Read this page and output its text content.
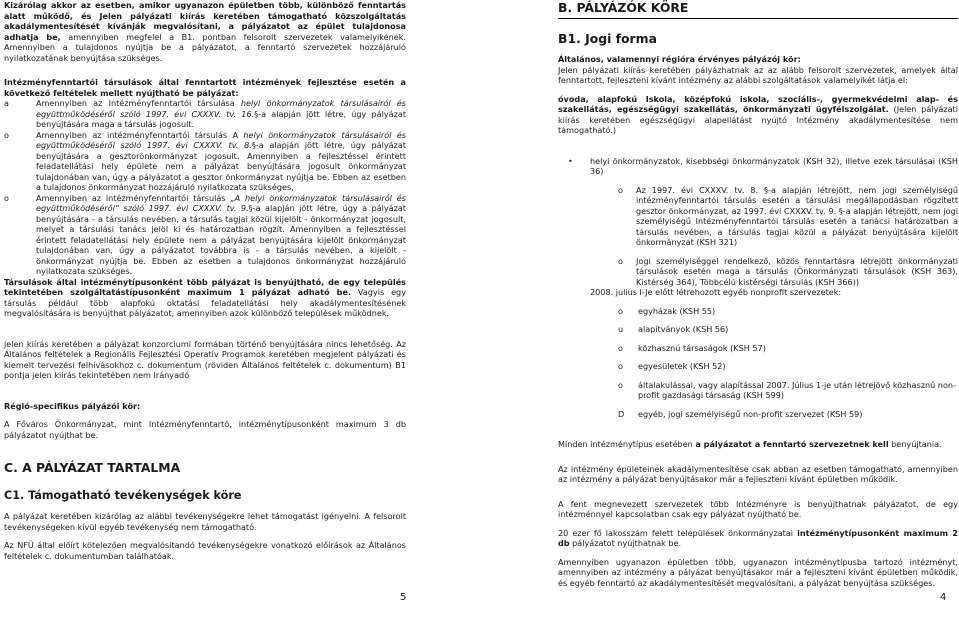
Kizárólag akkor az esetben, amikor ugyanazon épületben több, különböző fenntartás alatt működő, és Jelen pályázati kiírás keretében támogatható közszolgáltatás akadálymentesítését kívánják megvalósítani, a pályázatot az épület tulajdonosa adhatja be, amennyiben megfelel a B1. pontban felsorolt szervezetek valamelyikének. Amennyiben a tulajdonos nyújtja be a pályázatot, a fenntartó szervezetek hozzájáruló nyilatkozatának benyújtása szükséges.

Intézményfenntartói társulások által fenntartott intézmények fejlesztése esetén a következő feltételek mellett nyújtható be pályázat:

a	Amennyiben az Intézményfenntartói társulása helyi önkormányzatok társulásairól és együttműködéséről szóló 1997. évi CXXXV. tv. 16.§-a alapján jött létre, úgy pályázat benyújtására maga a társulás jogosult.
o	Amennyiben az intézményfenntartói társulás A helyi önkormányzatok társulásairól és együttműködéséről szóló 1997. évi CXXXV. tv. 8.§-a alapján jött létre, úgy pályázat benyújtására a gesztorönkormányzat jogosult. Amennyiben a fejlesztéssel érintett feladatellátási hely épülete nem a pályázat benyújtására jogosult önkormányzat tulajdonában van, úgy a pályázatot a gesztor önkormányzat nyújtja be. Ebben az esetben a tulajdonos önkormányzat hozzájáruló nyilatkozata szükséges,
o	Amennyiben az intézményfenntartói társulás „A helyi önkormányzatok társulásairól és együttműködéséről” szóló 1997. évi CXXXV. tv. 9.§-a alapján jött létre, úgy a pályázat benyújtására - a társulás nevében, a társulás tagjai közül kijelölt - önkormányzat jogosult, melyet a társulási tanács jelöl ki és határozatban rögzít. Amennyiben a fejlesztéssel érintett feladatellátási hely épülete nem a pályázat benyújtására kijelölt önkormányzat tulajdonában van, úgy a pályázatot továbbra is - a társulás nevében, a kijelölt - önkormányzat nyújtja be. Ebben az esetben a tulajdonos önkormányzat hozzájáruló nyilatkozata szükséges.

Társulások által intézménytípusonként több pályázat is benyújtható, de egy település tekintetében szolgáltatástípusonként maximum 1 pályázat adható be. Vagyis egy társulás például több alapfokú oktatási feladatellátási hely akadálymentesítésének megvalósítására is benyújthat pályázatot, amennyiben azok különböző települések működnek.

jelen kiírás keretében a pályázat konzorciumi formában történő benyújtására nincs lehetőség. Az Általános feltételek a Regionális Fejlesztési Operatív Programok keretében megjelent pályázati és kiemelt tervezési felhívásokhoz c. dokumentum (röviden Általános feltételek c. dokumentum) B1 pontja jelen kiírás tekintetében nem Irányadó

Régió-specifikus pályázói kör:

A Főváros Önkormányzat, mint Intézményfenntartó, intézménytípusonként maximum 3 db pályázatot nyújthat be.

C. A PÁLYÁZAT TARTALMA
C1. Támogatható tevékenységek köre

A pályázat keretében kizárólag az alábbi tevékenységekre lehet támogatást igényelni. A felsorolt tevékenységeken kívül egyéb tevékenység nem támogatható.

Az NFÜ által előírt kötelezően megvalósítandó tevékenységekre vonatkozó előírások az Általános feltételek c. dokumentumban találhatóak.

5
B. PÁLYÁZÓK KÖRE
B1. Jogi forma

Általános, valamennyi régióra érvényes pályázój kör:

Jelen pályázati kiírás keretében pályázhatnak az az alább felsorolt szervezetek, amelyek által fenntartott, fejleszteni kívánt intézmény az alábbi szolgáltatások valamelyikét látja el:

óvoda, alapfokú Iskola, középfokú iskola, szociális-, gyermekvédelmi alap- és szakellátás, egészségügyi szakellátás, önkormányzati ügyfélszolgálat. (Jelen pályázati kiírás keretében egészségügyi alapellátást nyújtó Intézmény akadálymentesítése nem támogatható.)

• helyi önkormányzatok, kisebbségi önkormányzatok (KSH 32), illetve ezek társulásai (KSH 36)
o Az 1997. évi CXXXV. tv. 8. §-a alapján létrejött, nem jogi személyiségű intézményfenntartói társulás esetén a társulási megállapodásban rögzített gesztor önkormányzat, az 1997. évi CXXXV. tv. 9. §-a alapján létrejött, nem jogi személyiségű Intézményfenntartói társulás esetén a tanácsi határozatban a társulás nevében, a társulás tagjai közül a pályázat benyújtására kijelölt önkormányzat (KSH 321)
o Jogi személyiséggel rendelkező, közös fenntartásra létrejött önkormányzati társulások esetén maga a társulás (Önkormányzati társulások (KSH 363), Kistérség 364), Többcélú kistérségi társulás (KSH 366))
2008. julius l-Je előtt létrehozott egyéb nonprofit szervezetek:
o egyházak (KSH 55)
u alapítványok (KSH 56)
o közhasznú társaságok (KSH 57)
o egyesületek (KSH 52)
o általakulással, vagy alapítással 2007. Július 1-je után létrejövő közhasznú non-profit gazdasági társaság (KSH 599)
D egyéb, jogi személyiségű non-profit szervezet (KSH 59)

Minden intézménytípus esetében a pályázatot a fenntartó szervezetnek kell benyújtania.

Az intézmény épületeinek akadálymentesítése csak abban az esetben támogatható, amennyiben az intézmény a pályázat benyújtásakor már a fejleszteni kívánt épületben működik.

A fent megnevezett szervezetek több Intézményre is benyújthatnak pályázatot, de egy intézménnyel kapcsolatban csak egy pályázat nyújtható be.

20 ezer fő lakosszám felett települések önkormányzatai intézménytípusonként maximum 2 db pályázatot nyújthatnak be.

Amennyiben ugyanazon épületben több, ugyanazon intézménytípusba tartozó intézményt, amennyiben az intézmény a pályázat benyújtásakor már a fejleszteni kívánt épületben működik, és egyéb fenntartó az akadálymentesítését megvalósítani, a pályázat benyújtása szükséges.

4
